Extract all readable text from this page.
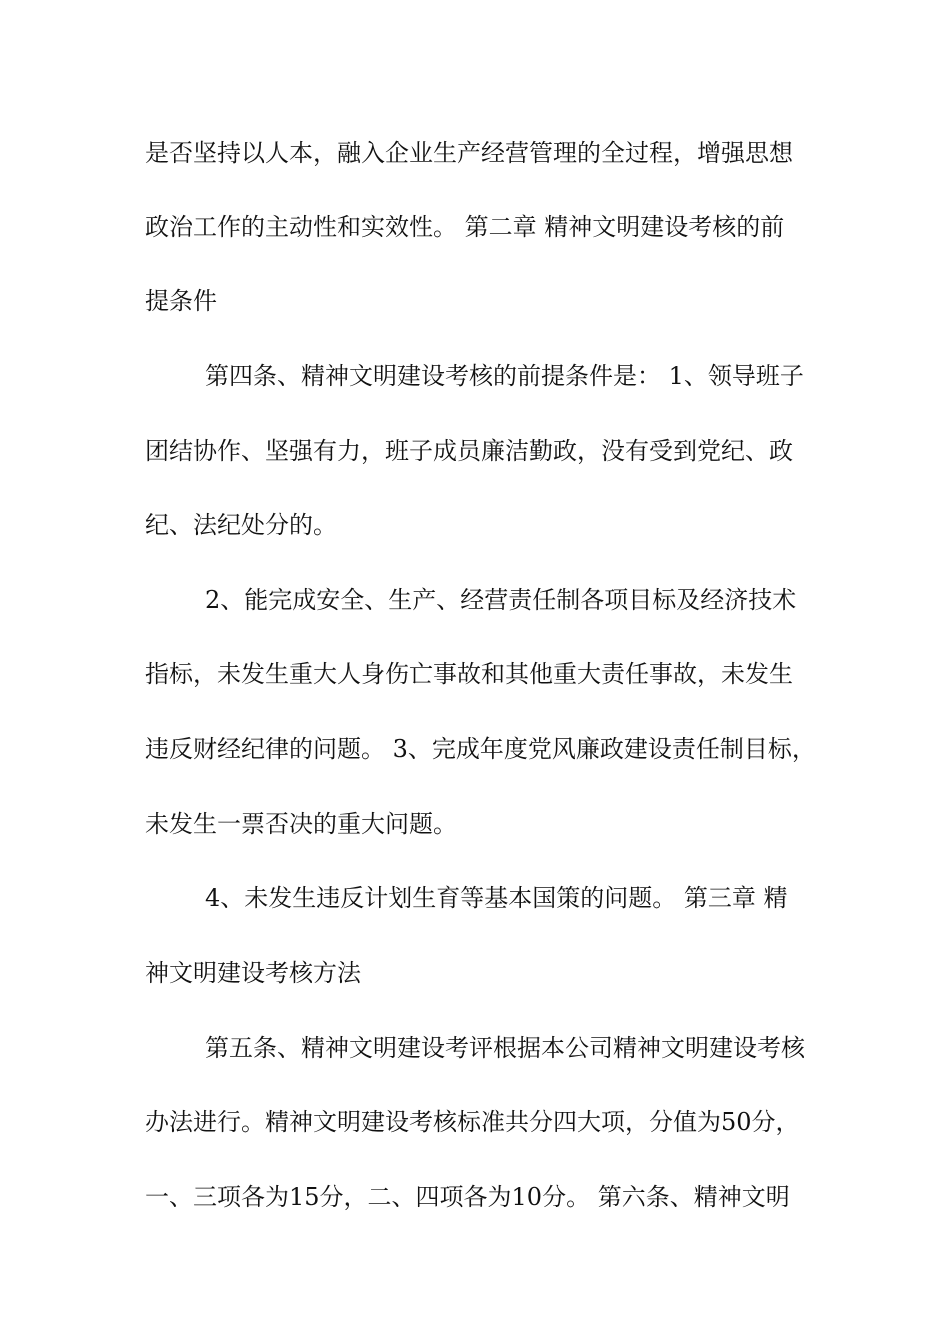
是否坚持以人本，融入企业生产经营管理的全过程，增强思想
政治工作的主动性和实效性。 第二章 精神文明建设考核的前
提条件
第四条、精神文明建设考核的前提条件是： 1、领导班子
团结协作、坚强有力，班子成员廉洁勤政，没有受到党纪、政
纪、法纪处分的。
2、能完成安全、生产、经营责任制各项目标及经济技术
指标，未发生重大人身伤亡事故和其他重大责任事故，未发生
违反财经纪律的问题。 3、完成年度党风廉政建设责任制目标，
未发生一票否决的重大问题。
4、未发生违反计划生育等基本国策的问题。 第三章 精
神文明建设考核方法
第五条、精神文明建设考评根据本公司精神文明建设考核
办法进行。精神文明建设考核标准共分四大项，分值为50分，
一、三项各为15分，二、四项各为10分。 第六条、精神文明
